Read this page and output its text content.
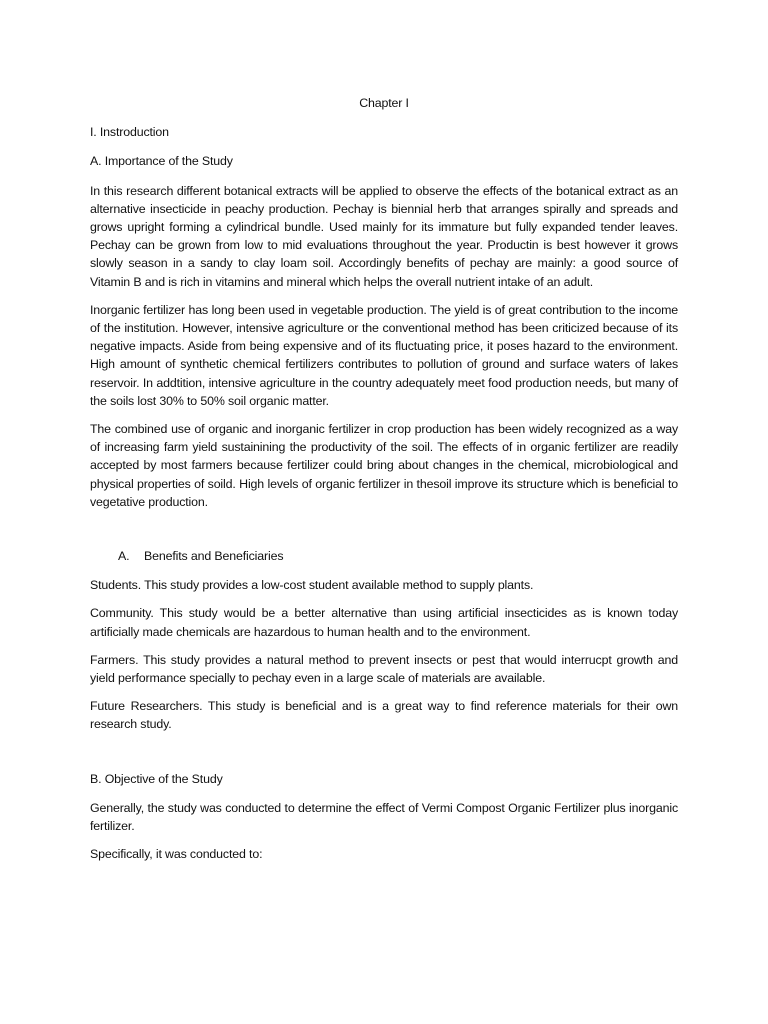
Chapter I

I. Instroduction

A. Importance of the Study

In this research different botanical extracts will be applied to observe the effects of the botanical extract as an alternative insecticide in peachy production. Pechay is biennial herb that arranges spirally and spreads and grows upright forming a cylindrical bundle. Used mainly for its immature but fully expanded tender leaves. Pechay can be grown from low to mid evaluations throughout the year. Productin is best however it grows slowly season in a sandy to clay loam soil. Accordingly benefits of pechay are mainly: a good source of Vitamin B and is rich in vitamins and mineral which helps the overall nutrient intake of an adult.

Inorganic fertilizer has long been used in vegetable production. The yield is of great contribution to the income of the institution. However, intensive agriculture or the conventional method has been criticized because of its negative impacts. Aside from being expensive and of its fluctuating price, it poses hazard to the environment. High amount of synthetic chemical fertilizers contributes to pollution of ground and surface waters of lakes reservoir. In addtition, intensive agriculture in the country adequately meet food production needs, but many of the soils lost 30% to 50% soil organic matter.

The combined use of organic and inorganic fertilizer in crop production has been widely recognized as a way of increasing farm yield sustainining the productivity of the soil. The effects of in organic fertilizer are readily accepted by most farmers because fertilizer could bring about changes in the chemical, microbiological and physical properties of soild. High levels of organic fertilizer in thesoil improve its structure which is beneficial to vegetative production.

A. Benefits and Beneficiaries

Students. This study provides a low-cost student available method to supply plants.

Community. This study would be a better alternative than using artificial insecticides as is known today artificially made chemicals are hazardous to human health and to the environment.

Farmers. This study provides a natural method to prevent insects or pest that would interrucpt growth and yield performance specially to pechay even in a large scale of materials are available.

Future Researchers. This study is beneficial and is a great way to find reference materials for their own research study.

B. Objective of the Study

Generally, the study was conducted to determine the effect of Vermi Compost Organic Fertilizer plus inorganic fertilizer.

Specifically, it was conducted to:
